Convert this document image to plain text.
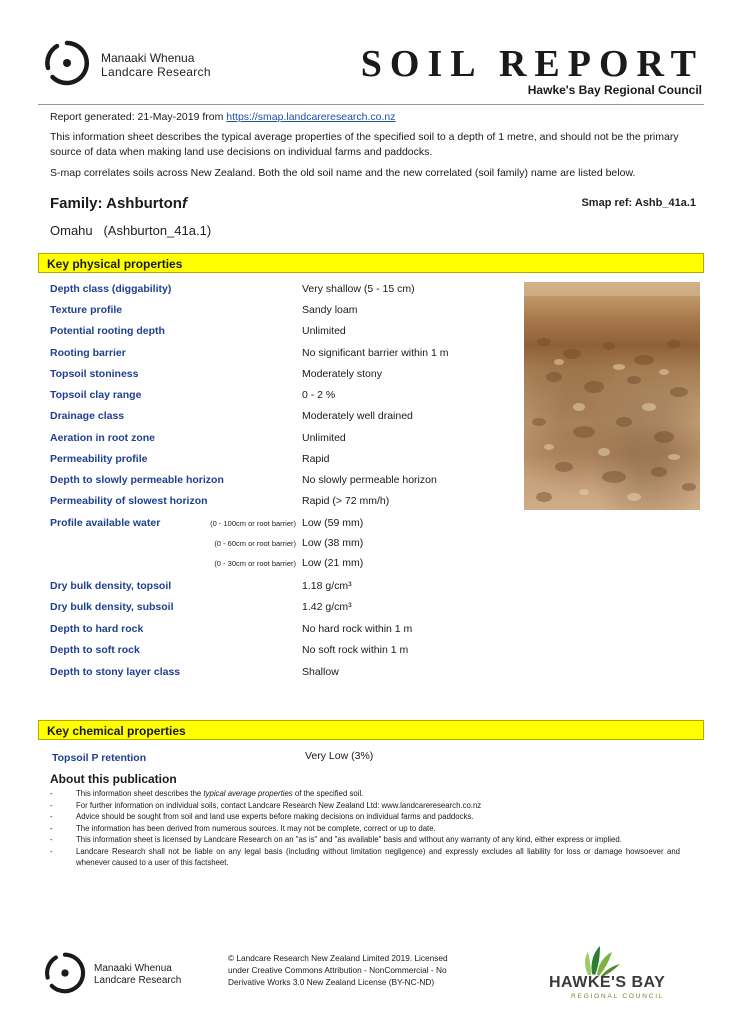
Manaaki Whenua
Landcare Research	SOIL REPORT
Hawke's Bay Regional Council
Report generated: 21-May-2019 from https://smap.landcareresearch.co.nz
This information sheet describes the typical average properties of the specified soil to a depth of 1 metre, and should not be the primary source of data when making land use decisions on individual farms and paddocks.
S-map correlates soils across New Zealand. Both the old soil name and the new correlated (soil family) name are listed below.
Family: Ashburtonf	Smap ref: Ashb_41a.1
Omahu   (Ashburton_41a.1)
Key physical properties
Depth class (diggability)	Very shallow (5 - 15 cm)
Texture profile	Sandy loam
Potential rooting depth	Unlimited
Rooting barrier	No significant barrier within 1 m
Topsoil stoniness	Moderately stony
Topsoil clay range	0 - 2 %
Drainage class	Moderately well drained
Aeration in root zone	Unlimited
Permeability profile	Rapid
Depth to slowly permeable horizon	No slowly permeable horizon
Permeability of slowest horizon	Rapid (> 72 mm/h)
Profile available water	(0 - 100cm or root barrier) Low (59 mm)
(0 - 60cm or root barrier) Low (38 mm)
(0 - 30cm or root barrier) Low (21 mm)
Dry bulk density, topsoil	1.18 g/cm³
Dry bulk density, subsoil	1.42 g/cm³
Depth to hard rock	No hard rock within 1 m
Depth to soft rock	No soft rock within 1 m
Depth to stony layer class	Shallow
Key chemical properties
Topsoil P retention	Very Low (3%)
About this publication
- This information sheet describes the typical average properties of the specified soil.
- For further information on individual soils, contact Landcare Research New Zealand Ltd: www.landcareresearch.co.nz
- Advice should be sought from soil and land use experts before making decisions on individual farms and paddocks.
- The information has been derived from numerous sources. It may not be complete, correct or up to date.
- This information sheet is licensed by Landcare Research on an "as is" and "as available" basis and without any warranty of any kind, either express or implied.
- Landcare Research shall not be liable on any legal basis (including without limitation negligence) and expressly excludes all liability for loss or damage howsoever and whenever caused to a user of this factsheet.
Manaaki Whenua
Landcare Research
© Landcare Research New Zealand Limited 2019. Licensed
under Creative Commons Attribution - NonCommercial - No
Derivative Works 3.0 New Zealand License (BY-NC-ND)	HAWKE'S BAY
REGIONAL COUNCIL
